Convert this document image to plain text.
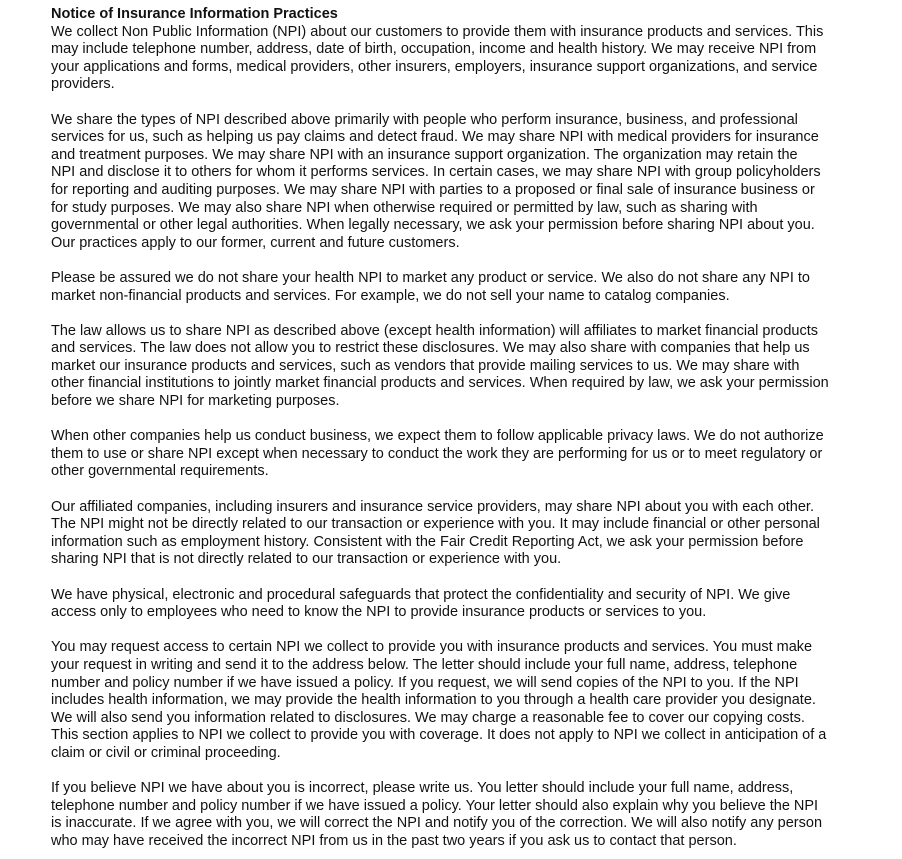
Notice of Insurance Information Practices
We collect Non Public Information (NPI) about our customers to provide them with insurance products and services. This
may include telephone number, address, date of birth, occupation, income and health history. We may receive NPI from
your applications and forms, medical providers, other insurers, employers, insurance support organizations, and service
providers.
We share the types of NPI described above primarily with people who perform insurance, business, and professional
services for us, such as helping us pay claims and detect fraud. We may share NPI with medical providers for insurance
and treatment purposes. We may share NPI with an insurance support organization. The organization may retain the
NPI and disclose it to others for whom it performs services. In certain cases, we may share NPI with group policyholders
for reporting and auditing purposes. We may share NPI with parties to a proposed or final sale of insurance business or
for study purposes. We may also share NPI when otherwise required or permitted by law, such as sharing with
governmental or other legal authorities. When legally necessary, we ask your permission before sharing NPI about you.
Our practices apply to our former, current and future customers.
Please be assured we do not share your health NPI to market any product or service. We also do not share any NPI to
market non-financial products and services. For example, we do not sell your name to catalog companies.
The law allows us to share NPI as described above (except health information) will affiliates to market financial products
and services. The law does not allow you to restrict these disclosures. We may also share with companies that help us
market our insurance products and services, such as vendors that provide mailing services to us. We may share with
other financial institutions to jointly market financial products and services. When required by law, we ask your permission
before we share NPI for marketing purposes.
When other companies help us conduct business, we expect them to follow applicable privacy laws. We do not authorize
them to use or share NPI except when necessary to conduct the work they are performing for us or to meet regulatory or
other governmental requirements.
Our affiliated companies, including insurers and insurance service providers, may share NPI about you with each other.
The NPI might not be directly related to our transaction or experience with you. It may include financial or other personal
information such as employment history. Consistent with the Fair Credit Reporting Act, we ask your permission before
sharing NPI that is not directly related to our transaction or experience with you.
We have physical, electronic and procedural safeguards that protect the confidentiality and security of NPI. We give
access only to employees who need to know the NPI to provide insurance products or services to you.
You may request access to certain NPI we collect to provide you with insurance products and services. You must make
your request in writing and send it to the address below. The letter should include your full name, address, telephone
number and policy number if we have issued a policy. If you request, we will send copies of the NPI to you. If the NPI
includes health information, we may provide the health information to you through a health care provider you designate.
We will also send you information related to disclosures. We may charge a reasonable fee to cover our copying costs.
This section applies to NPI we collect to provide you with coverage. It does not apply to NPI we collect in anticipation of a
claim or civil or criminal proceeding.
If you believe NPI we have about you is incorrect, please write us. You letter should include your full name, address,
telephone number and policy number if we have issued a policy. Your letter should also explain why you believe the NPI
is inaccurate. If we agree with you, we will correct the NPI and notify you of the correction. We will also notify any person
who may have received the incorrect NPI from us in the past two years if you ask us to contact that person.
